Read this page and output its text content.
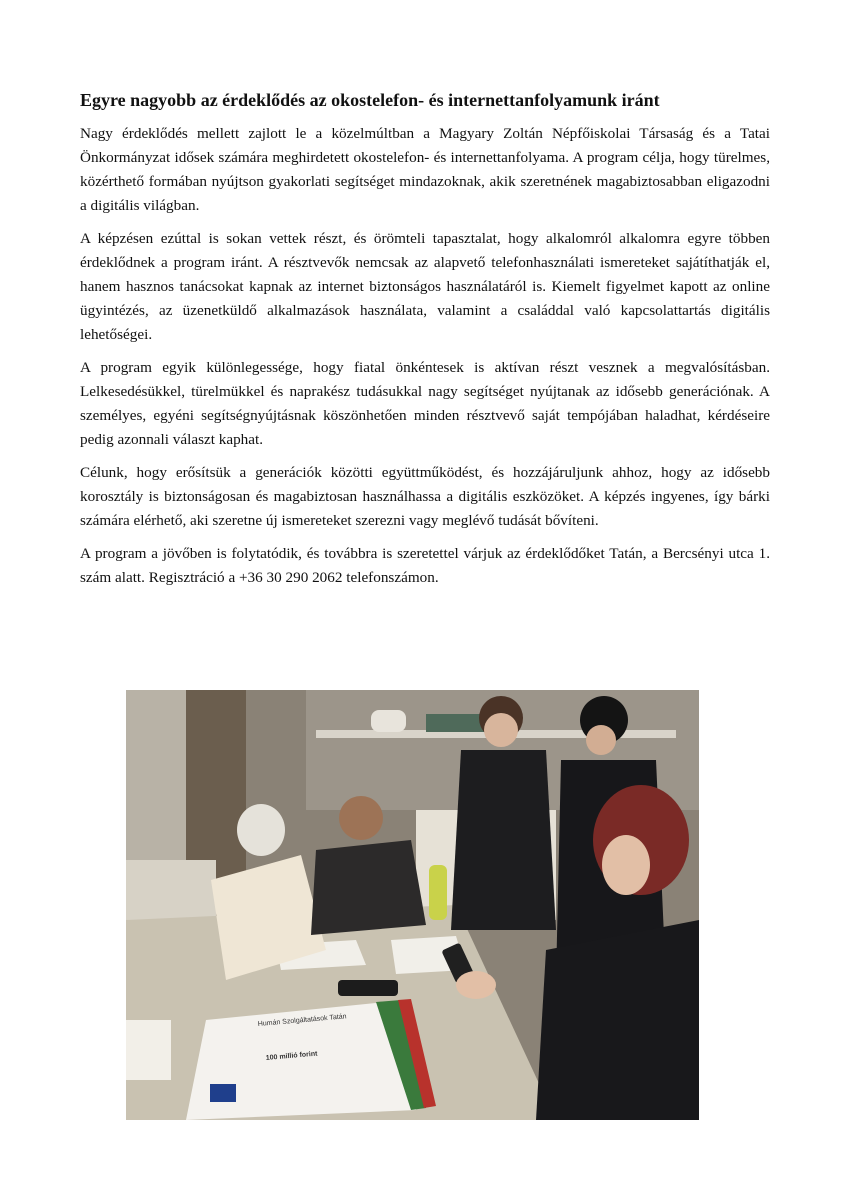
Egyre nagyobb az érdeklődés az okostelefon- és internettanfolyamunk iránt

Nagy érdeklődés mellett zajlott le a közelmúltban a Magyary Zoltán Népfőiskolai Társaság és a Tatai Önkormányzat idősek számára meghirdetett okostelefon- és internettanfolyama. A program célja, hogy türelmes, közérthető formában nyújtson gyakorlati segítséget mindazoknak, akik szeretnének magabiztosabban eligazodni a digitális világban.

A képzésen ezúttal is sokan vettek részt, és örömteli tapasztalat, hogy alkalomról alkalomra egyre többen érdeklődnek a program iránt. A résztvevők nemcsak az alapvető telefonhasználati ismereteket sajátíthatják el, hanem hasznos tanácsokat kapnak az internet biztonságos használatáról is. Kiemelt figyelmet kapott az online ügyintézés, az üzenetküldő alkalmazások használata, valamint a családdal való kapcsolattartás digitális lehetőségei.

A program egyik különlegessége, hogy fiatal önkéntesek is aktívan részt vesznek a megvalósításban. Lelkesedésükkel, türelmükkel és naprakész tudásukkal nagy segítséget nyújtanak az idősebb generációnak. A személyes, egyéni segítségnyújtásnak köszönhetően minden résztvevő saját tempójában haladhat, kérdéseire pedig azonnali választ kaphat.

Célunk, hogy erősítsük a generációk közötti együttműködést, és hozzájáruljunk ahhoz, hogy az idősebb korosztály is biztonságosan és magabiztosan használhassa a digitális eszközöket. A képzés ingyenes, így bárki számára elérhető, aki szeretne új ismereteket szerezni vagy meglévő tudását bővíteni.

A program a jövőben is folytatódik, és továbbra is szeretettel várjuk az érdeklődőket Tatán, a Bercsényi utca 1. szám alatt. Regisztráció a +36 30 290 2062 telefonszámon.

Humán Szolgáltatások Tatán
100 millió forint
